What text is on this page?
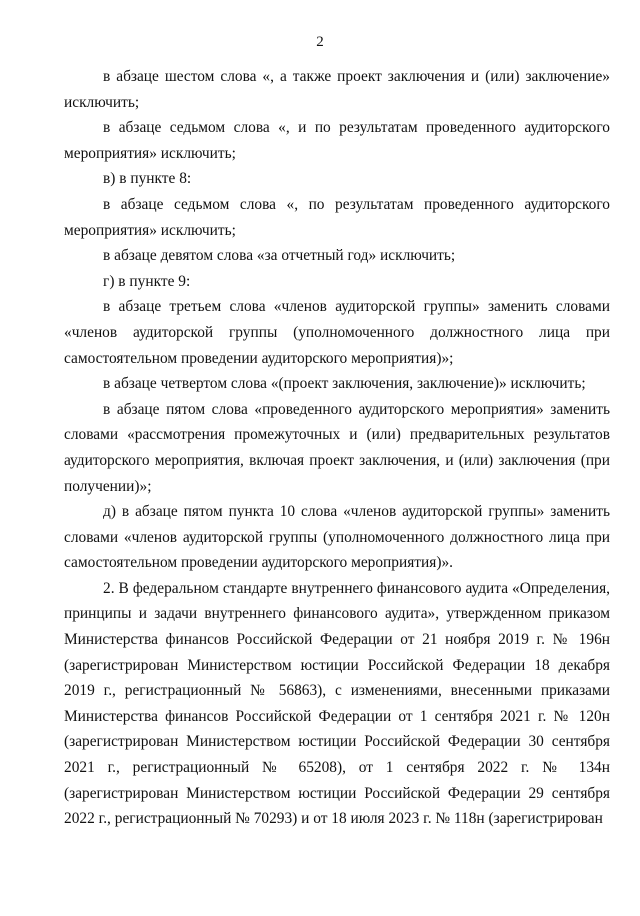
2

в абзаце шестом слова «, а также проект заключения и (или) заключение» исключить;

в абзаце седьмом слова «, и по результатам проведенного аудиторского мероприятия» исключить;

в) в пункте 8:

в абзаце седьмом слова «, по результатам проведенного аудиторского мероприятия» исключить;

в абзаце девятом слова «за отчетный год» исключить;

г) в пункте 9:

в абзаце третьем слова «членов аудиторской группы» заменить словами «членов аудиторской группы (уполномоченного должностного лица при самостоятельном проведении аудиторского мероприятия)»;

в абзаце четвертом слова «(проект заключения, заключение)» исключить;

в абзаце пятом слова «проведенного аудиторского мероприятия» заменить словами «рассмотрения промежуточных и (или) предварительных результатов аудиторского мероприятия, включая проект заключения, и (или) заключения (при получении)»;

д) в абзаце пятом пункта 10 слова «членов аудиторской группы» заменить словами «членов аудиторской группы (уполномоченного должностного лица при самостоятельном проведении аудиторского мероприятия)».

2. В федеральном стандарте внутреннего финансового аудита «Определения, принципы и задачи внутреннего финансового аудита», утвержденном приказом Министерства финансов Российской Федерации от 21 ноября 2019 г. № 196н (зарегистрирован Министерством юстиции Российской Федерации 18 декабря 2019 г., регистрационный № 56863), с изменениями, внесенными приказами Министерства финансов Российской Федерации от 1 сентября 2021 г. № 120н (зарегистрирован Министерством юстиции Российской Федерации 30 сентября 2021 г., регистрационный № 65208), от 1 сентября 2022 г. № 134н (зарегистрирован Министерством юстиции Российской Федерации 29 сентября 2022 г., регистрационный № 70293) и от 18 июля 2023 г. № 118н (зарегистрирован
